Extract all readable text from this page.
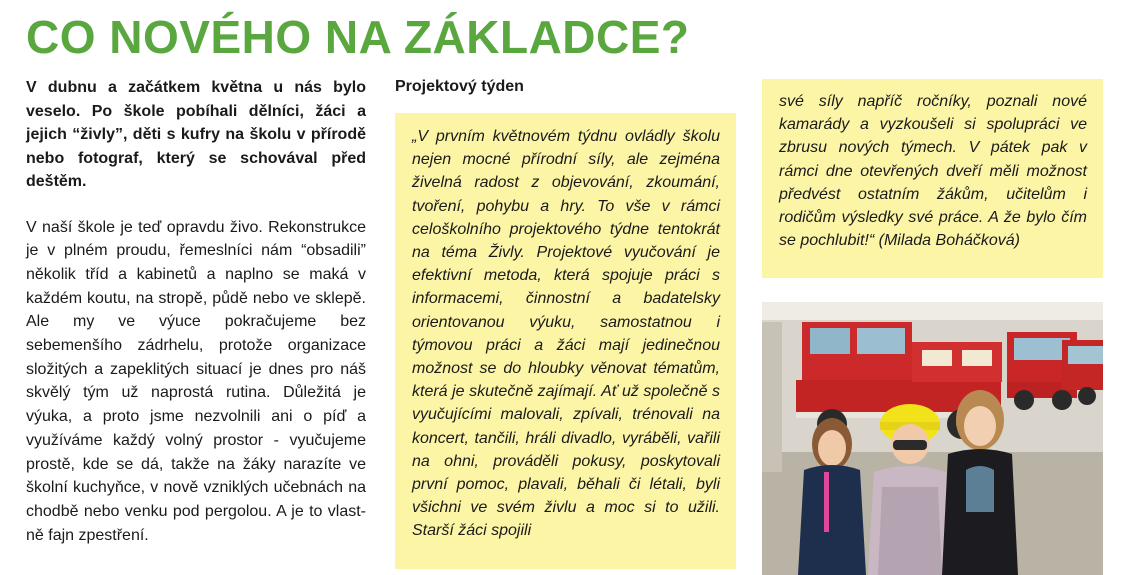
CO NOVÉHO NA ZÁKLADCE?

V dubnu a začátkem května u nás bylo veselo. Po škole pobíhali dělníci, žáci a jejich “živly”, děti s kufry na školu v přírodě nebo fotograf, který se schovával před deštěm.

V naší škole je teď opravdu živo. Rekonstrukce je v plném proudu, řemeslníci nám “obsadili” několik tříd a kabinetů a naplno se maká v každém koutu, na stropě, půdě nebo ve sklepě. Ale my ve výuce pokračujeme bez sebemenšího zádrhelu, protože organizace složitých a zapeklitých situací je dnes pro náš skvělý tým už naprostá rutina. Důležitá je výuka, a proto jsme nezvolnili ani o píď a využíváme každý volný prostor - vyučujeme prostě, kde se dá, takže na žáky narazíte ve školní kuchyňce, v nově vzniklých učebnách na chodbě nebo venku pod pergolou. A je to vlastně fajn zpestření.

Projektový týden

„V prvním květnovém týdnu ovládly školu nejen mocné přírodní síly, ale zejména živelná radost z objevování, zkoumání, tvoření, pohybu a hry. To vše v rámci celoškolního projektového týdne tentokrát na téma Živly. Projektové vyučování je efektivní metoda, která spojuje práci s informacemi, činnostní a badatelsky orientovanou výuku, samostatnou i týmovou práci a žáci mají jedinečnou možnost se do hloubky věnovat tématům, která je skutečně zajímají. Ať už společně s vyučujícími malovali, zpívali, trénovali na koncert, tančili, hráli divadlo, vyráběli, vařili na ohni, prováděli pokusy, poskytovali první pomoc, plavali, běhali či létali, byli všichni ve svém živlu a moc si to užili. Starší žáci spojili

své síly napříč ročníky, poznali nové kamarády a vyzkoušeli si spolupráci ve zbrusu nových týmech. V pátek pak v rámci dne otevřených dveří měli možnost předvést ostatním žákům, učitelům i rodičům výsledky své práce. A že bylo čím se pochlubit!“ (Milada Boháčková)
